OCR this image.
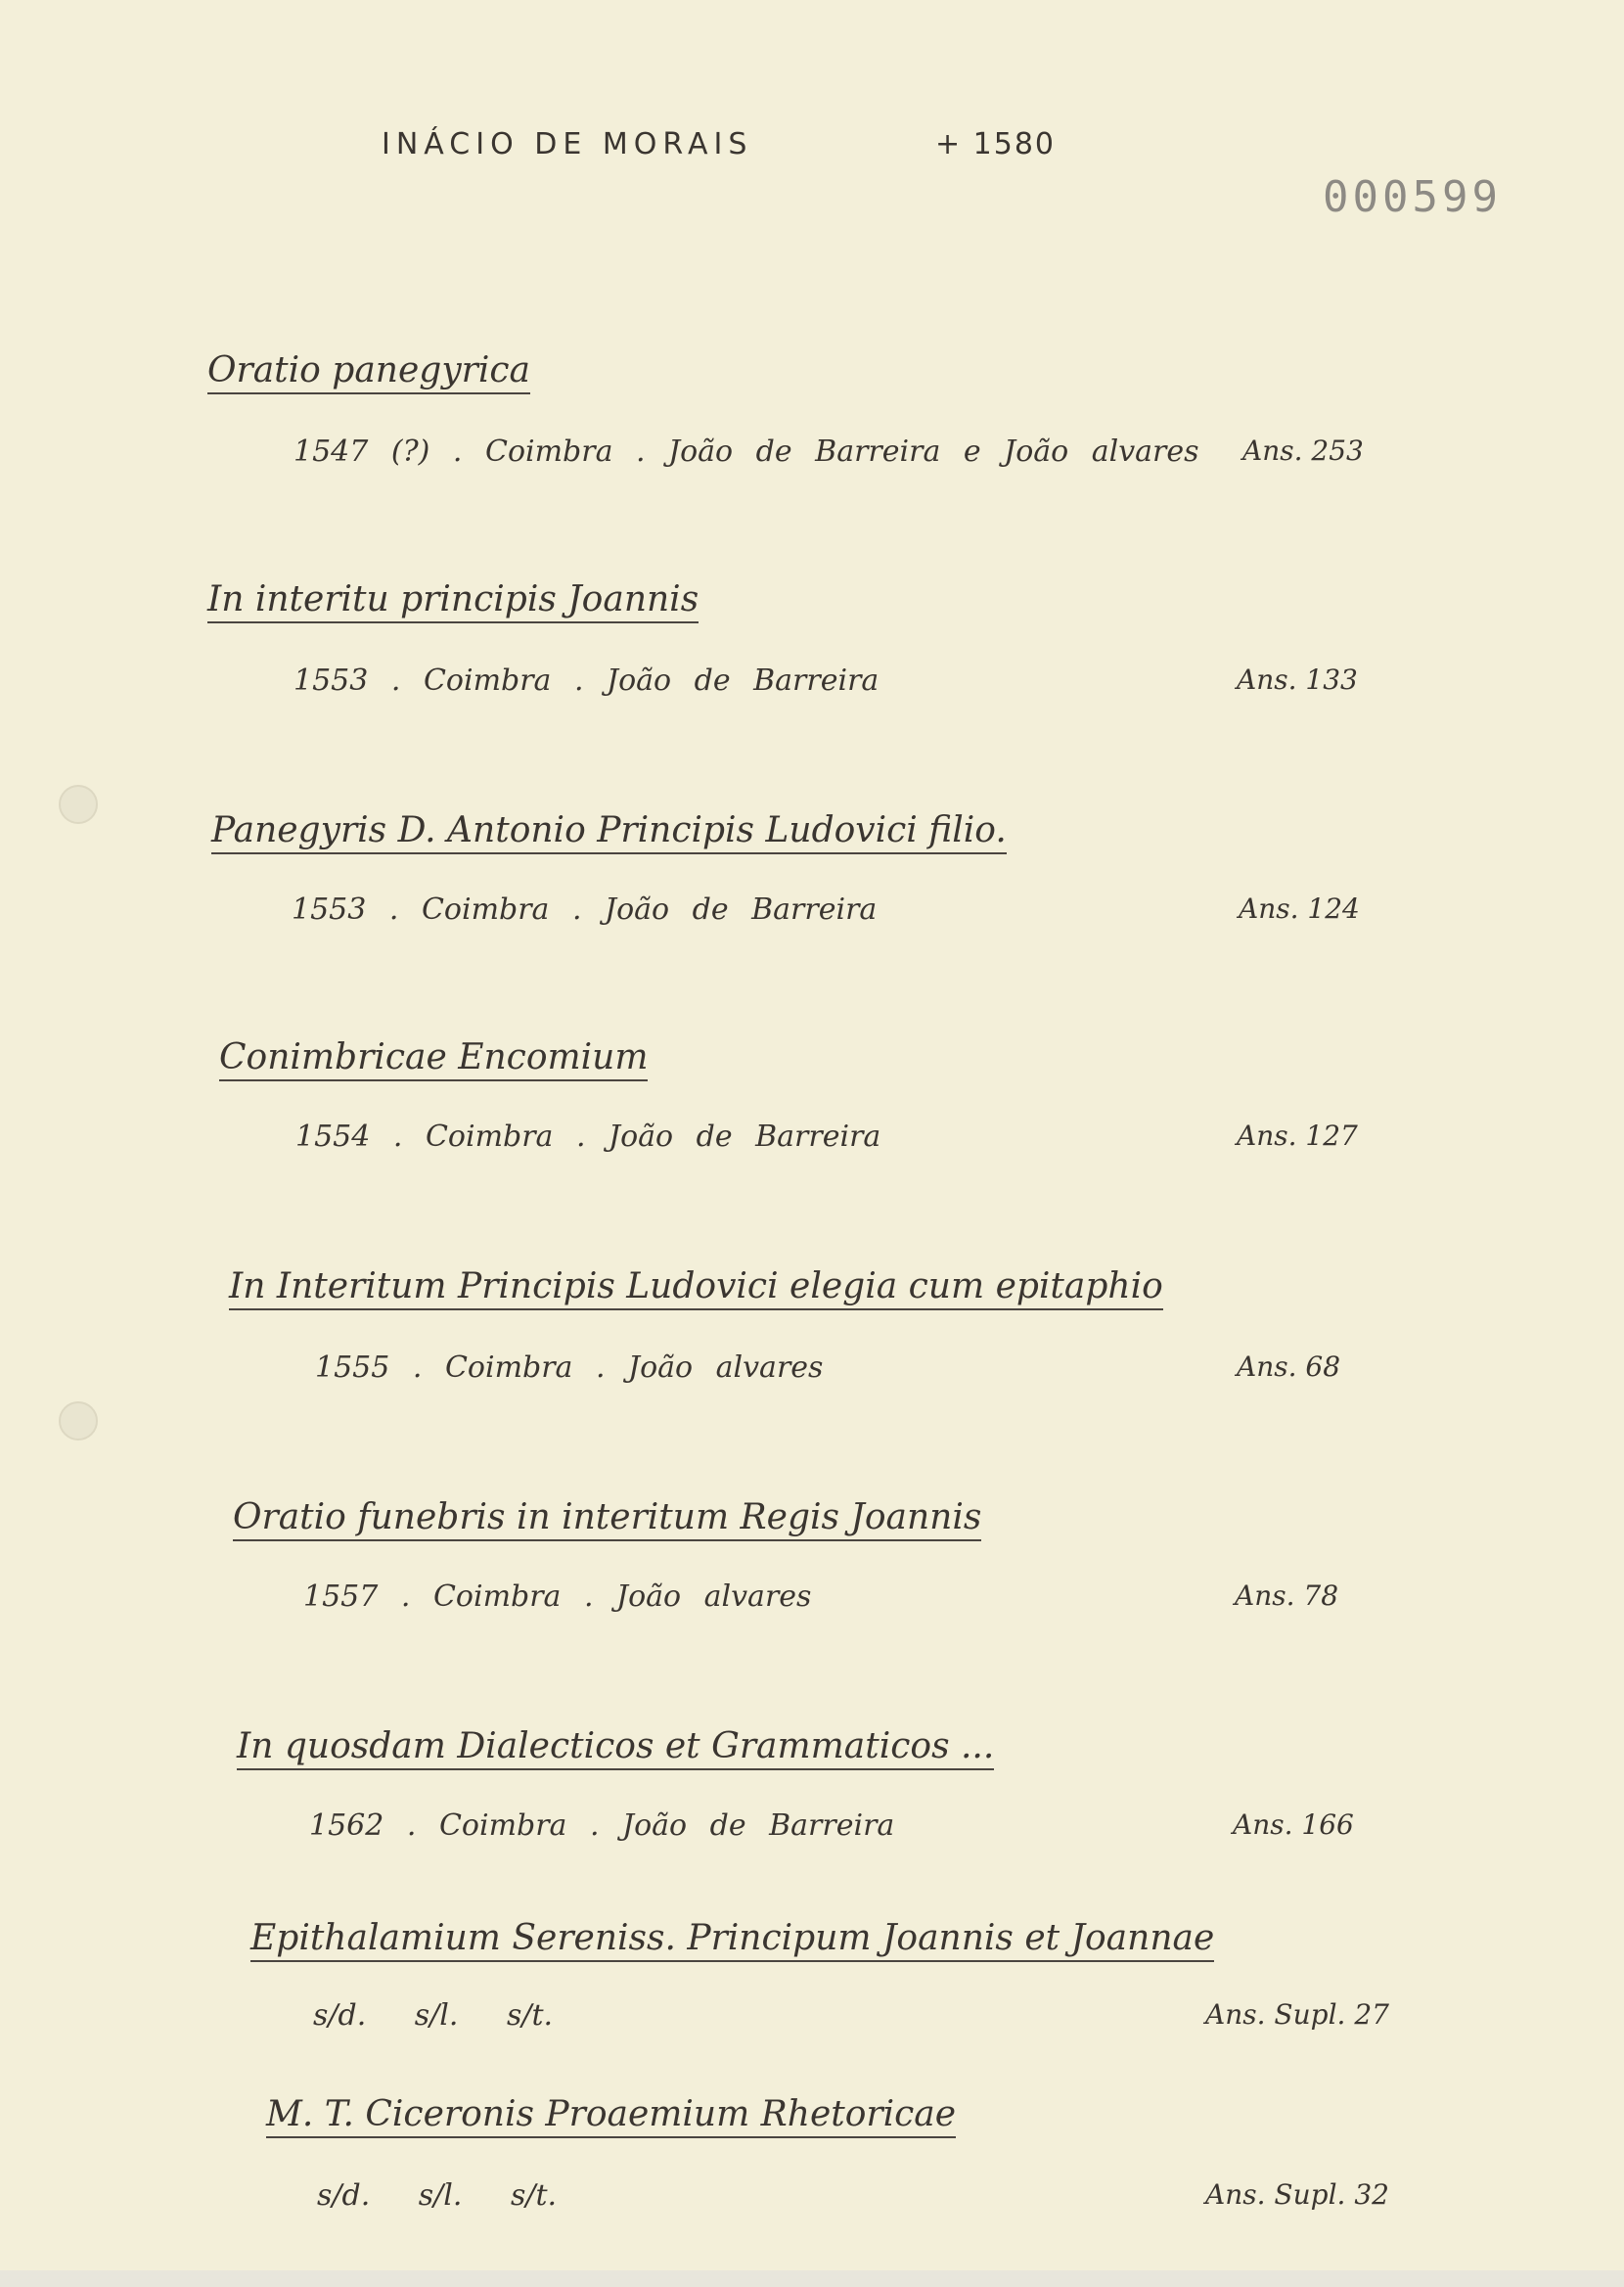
INÁCIO DE MORAIS	+ 1580
000599
Oratio panegyrica
1547 (?) . Coimbra . João de Barreira e João alvares Ans. 253
In interitu principis Joannis
1553 . Coimbra . João de Barreira	Ans. 133
Panegyris D. Antonio Principis Ludovici filio.
1553 . Coimbra . João de Barreira	Ans. 124
Conimbricae Encomium
1554 . Coimbra . João de Barreira	Ans. 127
In Interitum Principis Ludovici elegia cum epitaphio
1555 . Coimbra . João alvares	Ans. 68
Oratio funebris in interitum Regis Joannis
1557 . Coimbra . João alvares	Ans. 78
In quosdam Dialecticos et Grammaticos ...
1562 . Coimbra . João de Barreira	Ans. 166
Epithalamium Sereniss. Principum Joannis et Joannae
s/d. s/l. s/t.	Ans. Supl. 27
M. T. Ciceronis Proaemium Rhetoricae
s/d. s/l. s/t.	Ans. Supl. 32
